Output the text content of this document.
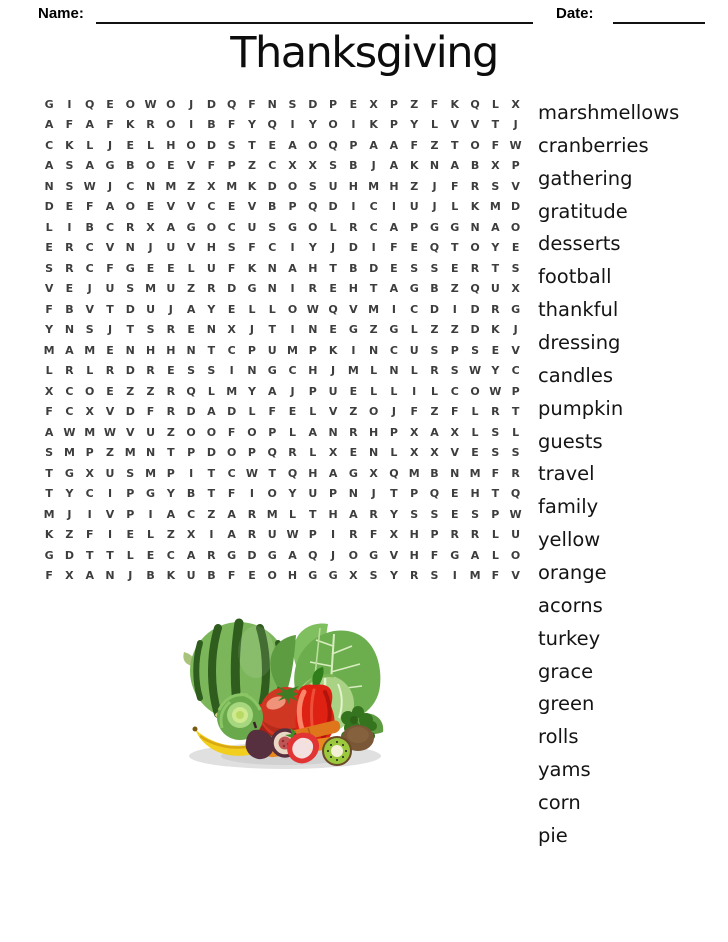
Name:	Date:
Thanksgiving
G	I	Q	E	O W O	J	D	Q	F	N	S	D	P	E	X	P	Z	F	K	Q	L	X
A	F	A	F	K	R	O	I	B	F	Y	Q	I	Y	O	I	K	P	Y	L	V	V	T	J
C	K	L	J	E	L	H O	D	S	T	E	A	O Q	P	A	A	F	Z	T	O	F W
A	S	A	G	B	O	E	V	F	P	Z	C	X	X	S	B	J	A	K	N	A	B	X	P
N	S W	J	C	N M Z	X M K	D	O	S	U	H M H	Z	J	F	R	S	V
D	E	F	A	O	E	V	V	C	E	V	B	P	Q	D	I	C	I	U	J	L	K M D
L	I	B	C	R	X	A	G	O	C	U	S	G	O	L	R	C	A	P	G	G	N	A	O
E	R	C	V	N	J	U	V	H	S	F	C	I	Y	J	D	I	F	E	Q	T	O	Y	E
S	R	C	F	G	E	E	L	U	F	K	N	A	H	T	B	D	E	S	S	E	R	T	S
V	E	J	U	S M U	Z	R	D	G	N	I	R	E	H	T	A	G	B	Z	Q	U	X
F	B	V	T	D	U	J	A	Y	E	L	L	O W Q	V M	I	C	D	I	D	R	G
Y	N	S	J	T	S	R	E	N	X	J	T	I	N	E	G	Z	G	L	Z	Z	D	K	J
M A M	E	N	H	H	N	T	C	P	U M P	K	I	N	C	U	S	P	S	E	V
L	R	L	R	D	R	E	S	S	I	N	G	C	H	J	M	L	N	L	R	S W Y	C
X	C	O	E	Z	Z	R	Q	L	M Y	A	J	P	U	E	L	L	I	L	C	O W P
F	C	X	V	D	F	R	D	A	D	L	F	E	L	V	Z	O	J	F	Z	F	L	R	T
A W M W V	U	Z	O O	F	O	P	L	A	N	R	H	P	X	A	X	L	S	L
S M P	Z M N	T	P	D	O	P	Q	R	L	X	E	N	L	X	X	V	E	S	S
T	G	X	U	S M P	I	T	C W T	Q	H	A	G	X	Q M B	N M	F	R
T	Y	C	I	P	G	Y	B	T	F	I	O	Y	U	P	N	J	T	P	Q	E	H	T	Q
M	J	I	V	P	I	A	C	Z	A	R M	L	T	H	A	R	Y	S	S	E	S	P W
K	Z	F	I	E	L	Z	X	I	A	R	U W P	I	R	F	X	H	P	R	R	L	U
G	D	T	T	L	E	C	A	R	G	D	G	A	Q	J	O	G	V	H	F	G	A	L	O
F	X	A	N	J	B	K	U	B	F	E	O	H	G	G	X	S	Y	R	S	I	M	F	V
marshmellows
cranberries
gathering
gratitude
desserts
football
thankful
dressing
candles
pumpkin
guests
travel
family
yellow
orange
acorns
turkey
grace
green
rolls
yams
corn
pie
